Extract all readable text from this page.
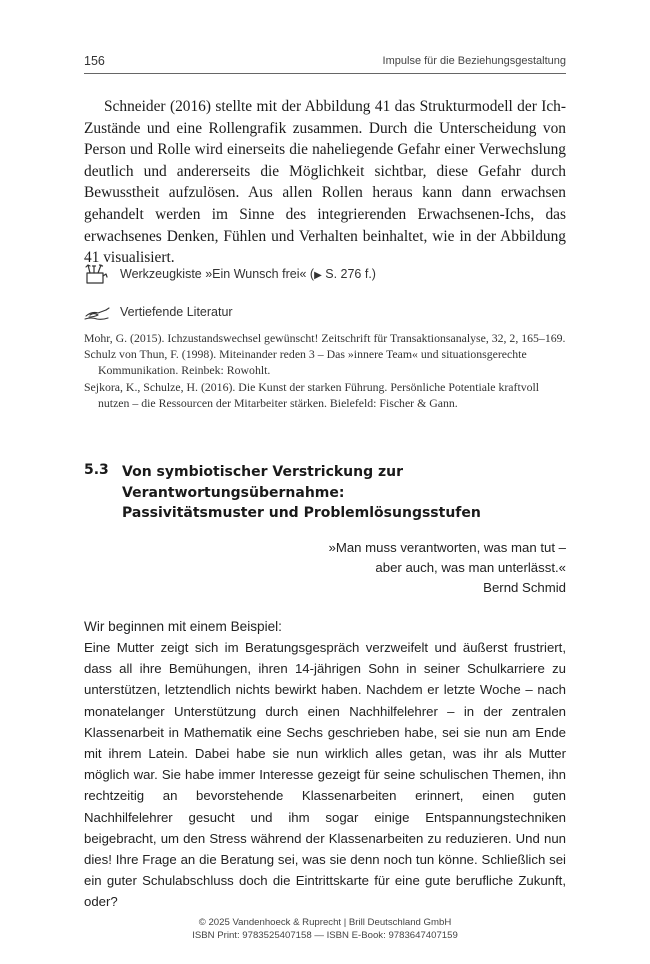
156	Impulse für die Beziehungsgestaltung

Schneider (2016) stellte mit der Abbildung 41 das Strukturmodell der Ich-Zustände und eine Rollengrafik zusammen. Durch die Unterscheidung von Person und Rolle wird einerseits die naheliegende Gefahr einer Verwechslung deutlich und andererseits die Möglichkeit sichtbar, diese Gefahr durch Bewusstheit aufzulösen. Aus allen Rollen heraus kann dann erwachsen gehandelt werden im Sinne des integrierenden Erwachsenen-Ichs, das erwachsenes Denken, Fühlen und Verhalten beinhaltet, wie in der Abbildung 41 visualisiert.

Werkzeugkiste »Ein Wunsch frei« (▶ S. 276 f.)
Vertiefende Literatur
Mohr, G. (2015). Ichzustandswechsel gewünscht! Zeitschrift für Transaktionsanalyse, 32, 2, 165–169.
Schulz von Thun, F. (1998). Miteinander reden 3 – Das »innere Team« und situationsgerechte Kommunikation. Reinbek: Rowohlt.
Sejkora, K., Schulze, H. (2016). Die Kunst der starken Führung. Persönliche Potentiale kraftvoll nutzen – die Ressourcen der Mitarbeiter stärken. Bielefeld: Fischer & Gann.
5.3 Von symbiotischer Verstrickung zur
Verantwortungsübernahme:
Passivitätsmuster und Problemlösungsstufen
»Man muss verantworten, was man tut –
aber auch, was man unterlässt.«
Bernd Schmid
Wir beginnen mit einem Beispiel:

Eine Mutter zeigt sich im Beratungsgespräch verzweifelt und äußerst frustriert, dass all ihre Bemühungen, ihren 14-jährigen Sohn in seiner Schulkarriere zu unterstützen, letztendlich nichts bewirkt haben. Nachdem er letzte Woche – nach monatelanger Unterstützung durch einen Nachhilfelehrer – in der zentralen Klassenarbeit in Mathematik eine Sechs geschrieben habe, sei sie nun am Ende mit ihrem Latein. Dabei habe sie nun wirklich alles getan, was ihr als Mutter möglich war. Sie habe immer Interesse gezeigt für seine schulischen Themen, ihn rechtzeitig an bevorstehende Klassenarbeiten erinnert, einen guten Nachhilfelehrer gesucht und ihm sogar einige Entspannungstechniken beigebracht, um den Stress während der Klassenarbeiten zu reduzieren. Und nun dies! Ihre Frage an die Beratung sei, was sie denn noch tun könne. Schließlich sei ein guter Schulabschluss doch die Eintrittskarte für eine gute berufliche Zukunft, oder?

© 2025 Vandenhoeck & Ruprecht | Brill Deutschland GmbH
ISBN Print: 9783525407158 — ISBN E-Book: 9783647407159
